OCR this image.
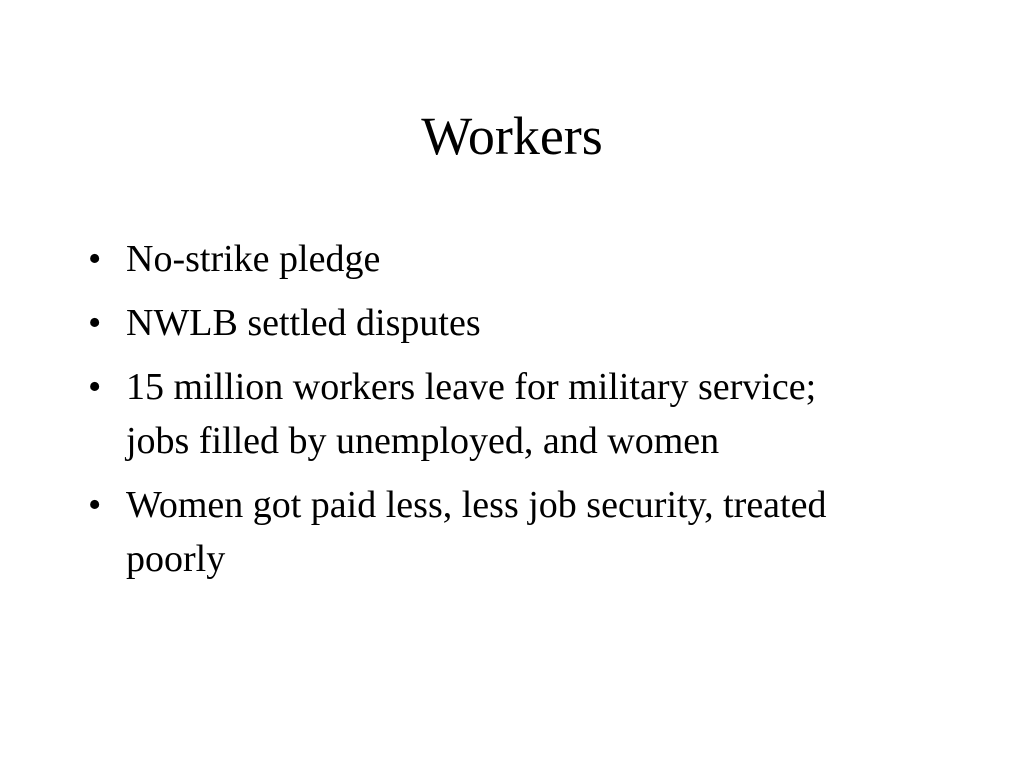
Workers
• No-strike pledge
• NWLB settled disputes
• 15 million workers leave for military service; jobs filled by unemployed, and women
• Women got paid less, less job security, treated poorly
